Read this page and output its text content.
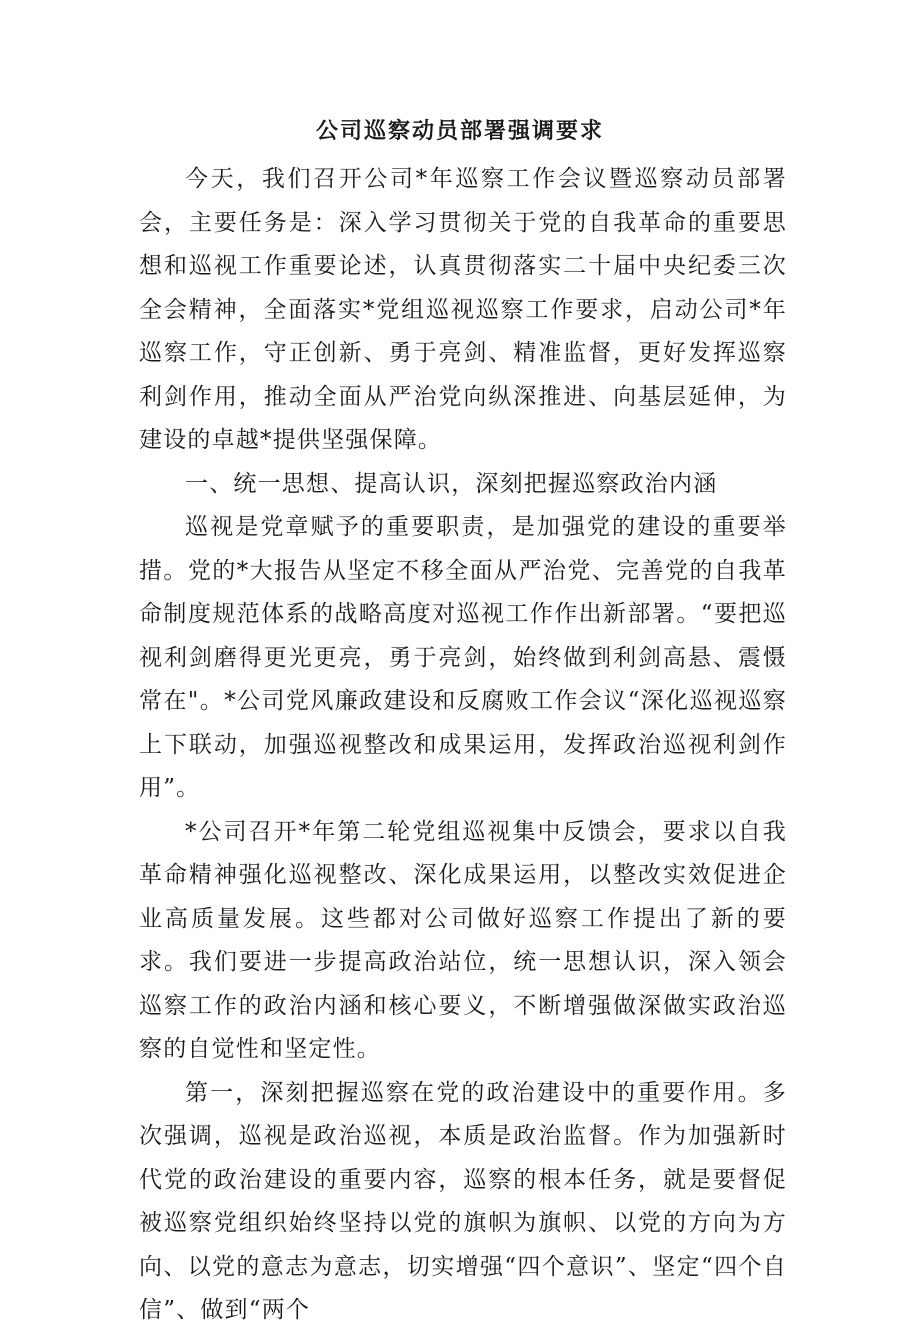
公司巡察动员部署强调要求

今天，我们召开公司*年巡察工作会议暨巡察动员部署会，主要任务是：深入学习贯彻关于党的自我革命的重要思想和巡视工作重要论述，认真贯彻落实二十届中央纪委三次全会精神，全面落实*党组巡视巡察工作要求，启动公司*年巡察工作，守正创新、勇于亮剑、精准监督，更好发挥巡察利剑作用，推动全面从严治党向纵深推进、向基层延伸，为建设的卓越*提供坚强保障。

一、统一思想、提高认识，深刻把握巡察政治内涵

巡视是党章赋予的重要职责，是加强党的建设的重要举措。党的*大报告从坚定不移全面从严治党、完善党的自我革命制度规范体系的战略高度对巡视工作作出新部署。“要把巡视利剑磨得更光更亮，勇于亮剑，始终做到利剑高悬、震慑常在"。*公司党风廉政建设和反腐败工作会议“深化巡视巡察上下联动，加强巡视整改和成果运用，发挥政治巡视利剑作用”。

*公司召开*年第二轮党组巡视集中反馈会，要求以自我革命精神强化巡视整改、深化成果运用，以整改实效促进企业高质量发展。这些都对公司做好巡察工作提出了新的要求。我们要进一步提高政治站位，统一思想认识，深入领会巡察工作的政治内涵和核心要义，不断增强做深做实政治巡察的自觉性和坚定性。

第一，深刻把握巡察在党的政治建设中的重要作用。多次强调，巡视是政治巡视，本质是政治监督。作为加强新时代党的政治建设的重要内容，巡察的根本任务，就是要督促被巡察党组织始终坚持以党的旗帜为旗帜、以党的方向为方向、以党的意志为意志，切实增强“四个意识”、坚定“四个自信”、做到“两个
